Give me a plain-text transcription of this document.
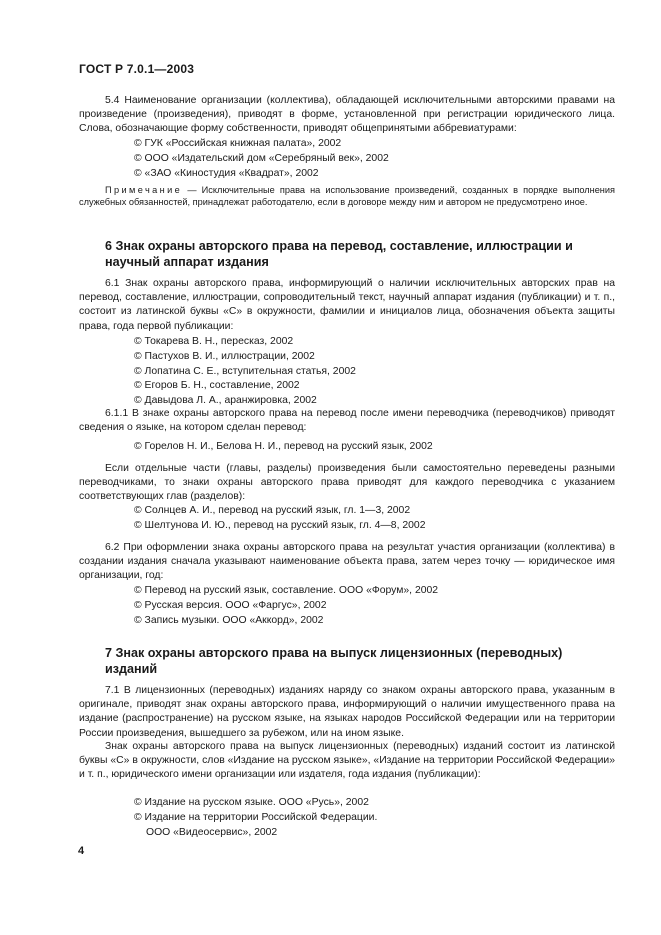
ГОСТ Р 7.0.1—2003

5.4 Наименование организации (коллектива), обладающей исключительными авторскими правами на произведение (произведения), приводят в форме, установленной при регистрации юридического лица. Слова, обозначающие форму собственности, приводят общепринятыми аббревиатурами:

© ГУК «Российская книжная палата», 2002
© ООО «Издательский дом «Серебряный век», 2002
© «ЗАО «Киностудия «Квадрат», 2002

Примечание — Исключительные права на использование произведений, созданных в порядке выполнения служебных обязанностей, принадлежат работодателю, если в договоре между ним и автором не предусмотрено иное.

6 Знак охраны авторского права на перевод, составление, иллюстрации и научный аппарат издания

6.1 Знак охраны авторского права, информирующий о наличии исключительных авторских прав на перевод, составление, иллюстрации, сопроводительный текст, научный аппарат издания (публикации) и т. п., состоит из латинской буквы «С» в окружности, фамилии и инициалов лица, обозначения объекта защиты права, года первой публикации:

© Токарева В. Н., пересказ, 2002
© Пастухов В. И., иллюстрации, 2002
© Лопатина С. Е., вступительная статья, 2002
© Егоров Б. Н., составление, 2002
© Давыдова Л. А., аранжировка, 2002

6.1.1 В знаке охраны авторского права на перевод после имени переводчика (переводчиков) приводят сведения о языке, на котором сделан перевод:

© Горелов Н. И., Белова Н. И., перевод на русский язык, 2002

Если отдельные части (главы, разделы) произведения были самостоятельно переведены разными переводчиками, то знаки охраны авторского права приводят для каждого переводчика с указанием соответствующих глав (разделов):

© Солнцев А. И., перевод на русский язык, гл. 1—3, 2002
© Шелтунова И. Ю., перевод на русский язык, гл. 4—8, 2002

6.2 При оформлении знака охраны авторского права на результат участия организации (коллектива) в создании издания сначала указывают наименование объекта права, затем через точку — юридическое имя организации, год:

© Перевод на русский язык, составление. ООО «Форум», 2002
© Русская версия. ООО «Фаргус», 2002
© Запись музыки. ООО «Аккорд», 2002
7 Знак охраны авторского права на выпуск лицензионных (переводных) изданий

7.1 В лицензионных (переводных) изданиях наряду со знаком охраны авторского права, указанным в оригинале, приводят знак охраны авторского права, информирующий о наличии имущественного права на издание (распространение) на русском языке, на языках народов Российской Федерации или на территории России произведения, вышедшего за рубежом, или на ином языке.

Знак охраны авторского права на выпуск лицензионных (переводных) изданий состоит из латинской буквы «С» в окружности, слов «Издание на русском языке», «Издание на территории Российской Федерации» и т. п., юридического имени организации или издателя, года издания (публикации):

© Издание на русском языке. ООО «Русь», 2002
© Издание на территории Российской Федерации.
ООО «Видеосервис», 2002
4
